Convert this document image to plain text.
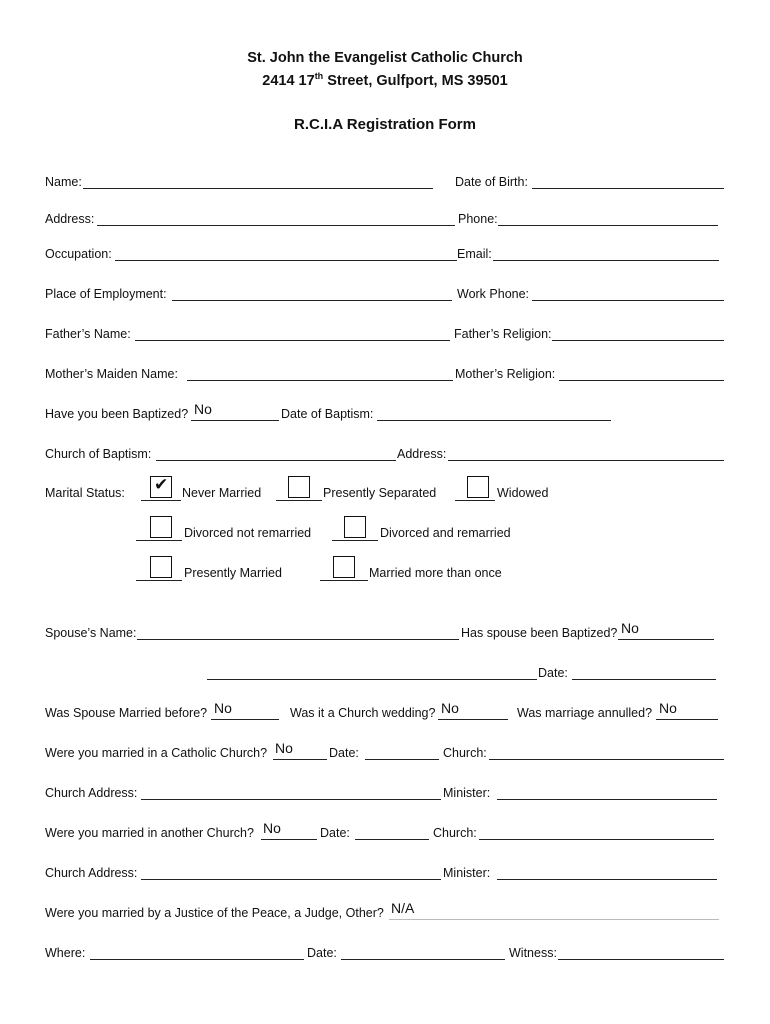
St. John the Evangelist Catholic Church
2414 17th Street, Gulfport, MS 39501
R.C.I.A Registration Form
Name:	Date of Birth:
Address:	Phone:
Occupation:	Email:
Place of Employment:	Work Phone:
Father’s Name:	Father’s Religion:
Mother’s Maiden Name:	Mother’s Religion:
Have you been Baptized? No	Date of Baptism:
Church of Baptism:	Address:
Marital Status: ✔ Never Married	Presently Separated	Widowed
Divorced not remarried	Divorced and remarried
Presently Married	Married more than once
Spouse’s Name:	Has spouse been Baptized? No
Date:
Was Spouse Married before? No	Was it a Church wedding? No	Was marriage annulled? No
Were you married in a Catholic Church? No	Date:	Church:
Church Address:	Minister:
Were you married in another Church? No	Date:	Church:
Church Address:	Minister:
Were you married by a Justice of the Peace, a Judge, Other? N/A
Where:	Date:	Witness:
